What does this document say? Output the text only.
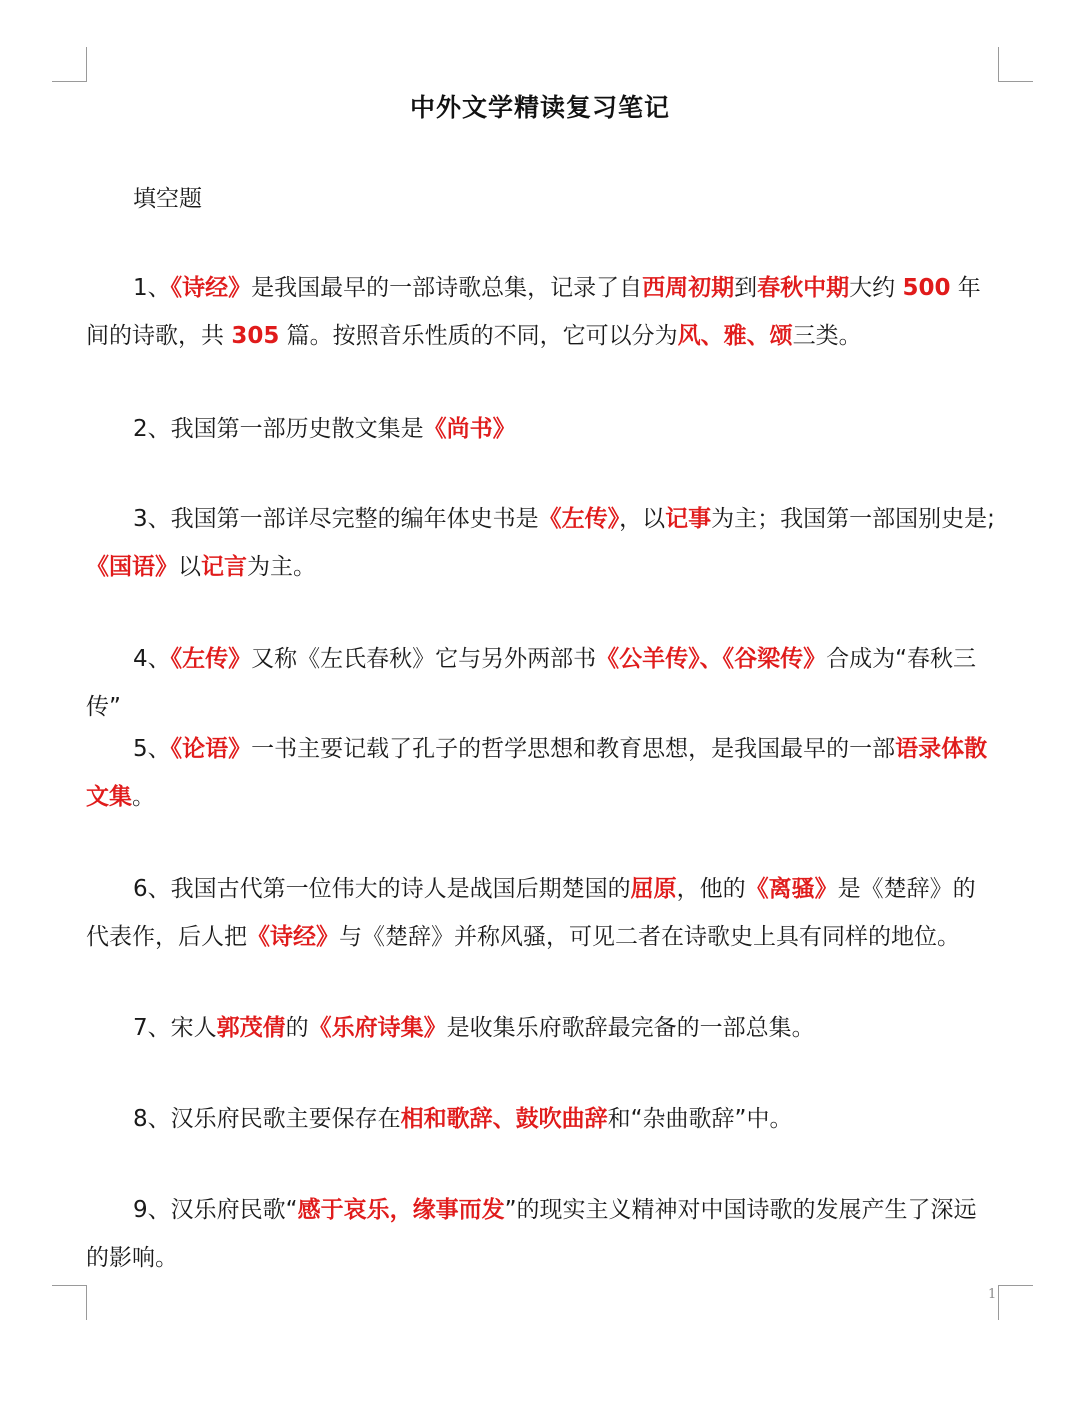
中外文学精读复习笔记
填空题

1、《诗经》是我国最早的一部诗歌总集，记录了自西周初期到春秋中期大约 500 年间的诗歌，共 305 篇。按照音乐性质的不同，它可以分为风、雅、颂三类。

2、我国第一部历史散文集是《尚书》

3、我国第一部详尽完整的编年体史书是《左传》，以记事为主；我国第一部国别史是;《国语》以记言为主。

4、《左传》又称《左氏春秋》它与另外两部书《公羊传》、《谷梁传》合成为“春秋三传”

5、《论语》一书主要记载了孔子的哲学思想和教育思想，是我国最早的一部语录体散文集。

6、我国古代第一位伟大的诗人是战国后期楚国的屈原，他的《离骚》是《楚辞》的代表作，后人把《诗经》与《楚辞》并称风骚，可见二者在诗歌史上具有同样的地位。

7、宋人郭茂倩的《乐府诗集》是收集乐府歌辞最完备的一部总集。

8、汉乐府民歌主要保存在相和歌辞、鼓吹曲辞和“杂曲歌辞”中。

9、汉乐府民歌“感于哀乐，缘事而发”的现实主义精神对中国诗歌的发展产生了深远的影响。

1
